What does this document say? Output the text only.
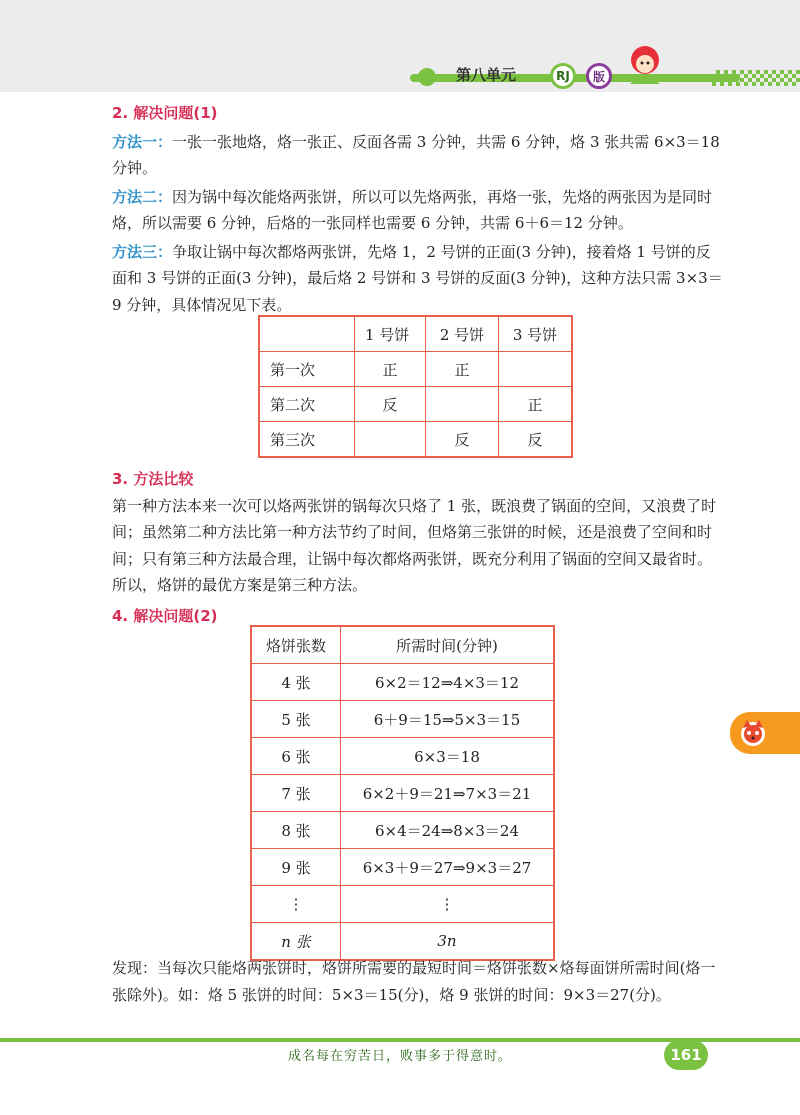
第八单元	RJ	版

2. 解决问题(1)

方法一：一张一张地烙，烙一张正、反面各需 3 分钟，共需 6 分钟，烙 3 张共需 6×3＝18 分钟。

方法二：因为锅中每次能烙两张饼，所以可以先烙两张，再烙一张，先烙的两张因为是同时烙，所以需要 6 分钟，后烙的一张同样也需要 6 分钟，共需 6＋6＝12 分钟。

方法三：争取让锅中每次都烙两张饼，先烙 1，2 号饼的正面(3 分钟)，接着烙 1 号饼的反面和 3 号饼的正面(3 分钟)，最后烙 2 号饼和 3 号饼的反面(3 分钟)，这种方法只需 3×3＝9 分钟，具体情况见下表。

	1 号饼	2 号饼	3 号饼
第一次	正	正	
第二次	反		正
第三次		反	反

3. 方法比较

第一种方法本来一次可以烙两张饼的锅每次只烙了 1 张，既浪费了锅面的空间，又浪费了时间；虽然第二种方法比第一种方法节约了时间，但烙第三张饼的时候，还是浪费了空间和时间；只有第三种方法最合理，让锅中每次都烙两张饼，既充分利用了锅面的空间又最省时。所以，烙饼的最优方案是第三种方法。

4. 解决问题(2)

烙饼张数	所需时间(分钟)
4 张	6×2＝12⇒4×3＝12
5 张	6＋9＝15⇒5×3＝15
6 张	6×3＝18
7 张	6×2＋9＝21⇒7×3＝21
8 张	6×4＝24⇒8×3＝24
9 张	6×3＋9＝27⇒9×3＝27
⋮	⋮
n 张	3n

发现：当每次只能烙两张饼时，烙饼所需要的最短时间＝烙饼张数×烙每面饼所需时间(烙一张除外)。如：烙 5 张饼的时间：5×3＝15(分)，烙 9 张饼的时间：9×3＝27(分)。

成名每在穷苦日，败事多于得意时。	161
